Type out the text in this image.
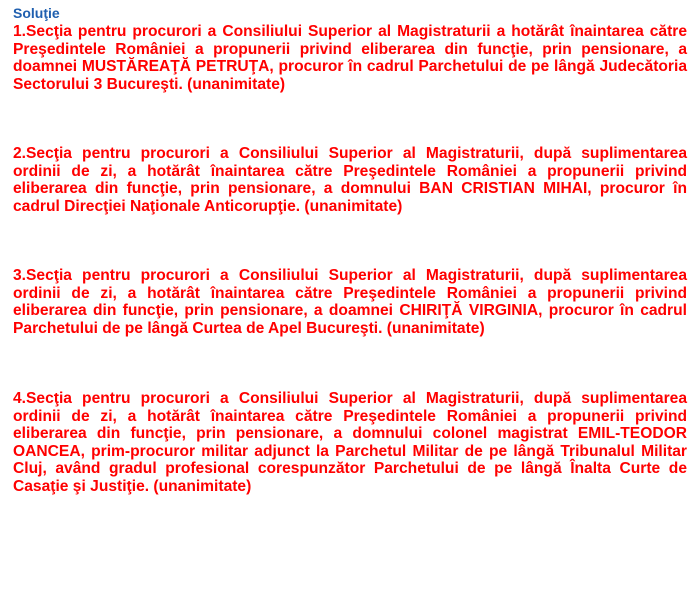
Soluţie

1.Secţia pentru procurori a Consiliului Superior al Magistraturii a hotărât înaintarea către Preşedintele României a propunerii privind eliberarea din funcţie, prin pensionare, a doamnei MUSTĂREAŢĂ PETRUŢA, procuror în cadrul Parchetului de pe lângă Judecătoria Sectorului 3 Bucureşti. (unanimitate)

2.Secţia pentru procurori a Consiliului Superior al Magistraturii, după suplimentarea ordinii de zi, a hotărât înaintarea către Preşedintele României a propunerii privind eliberarea din funcţie, prin pensionare, a domnului BAN CRISTIAN MIHAI, procuror în cadrul Direcţiei Naţionale Anticorupţie. (unanimitate)

3.Secţia pentru procurori a Consiliului Superior al Magistraturii, după suplimentarea ordinii de zi, a hotărât înaintarea către Preşedintele României a propunerii privind eliberarea din funcţie, prin pensionare, a doamnei CHIRIŢĂ VIRGINIA, procuror în cadrul Parchetului de pe lângă Curtea de Apel Bucureşti. (unanimitate)

4.Secţia pentru procurori a Consiliului Superior al Magistraturii, după suplimentarea ordinii de zi, a hotărât înaintarea către Preşedintele României a propunerii privind eliberarea din funcţie, prin pensionare, a domnului colonel magistrat EMIL-TEODOR OANCEA, prim-procuror militar adjunct la Parchetul Militar de pe lângă Tribunalul Militar Cluj, având gradul profesional corespunzător Parchetului de pe lângă Înalta Curte de Casaţie şi Justiţie. (unanimitate)
